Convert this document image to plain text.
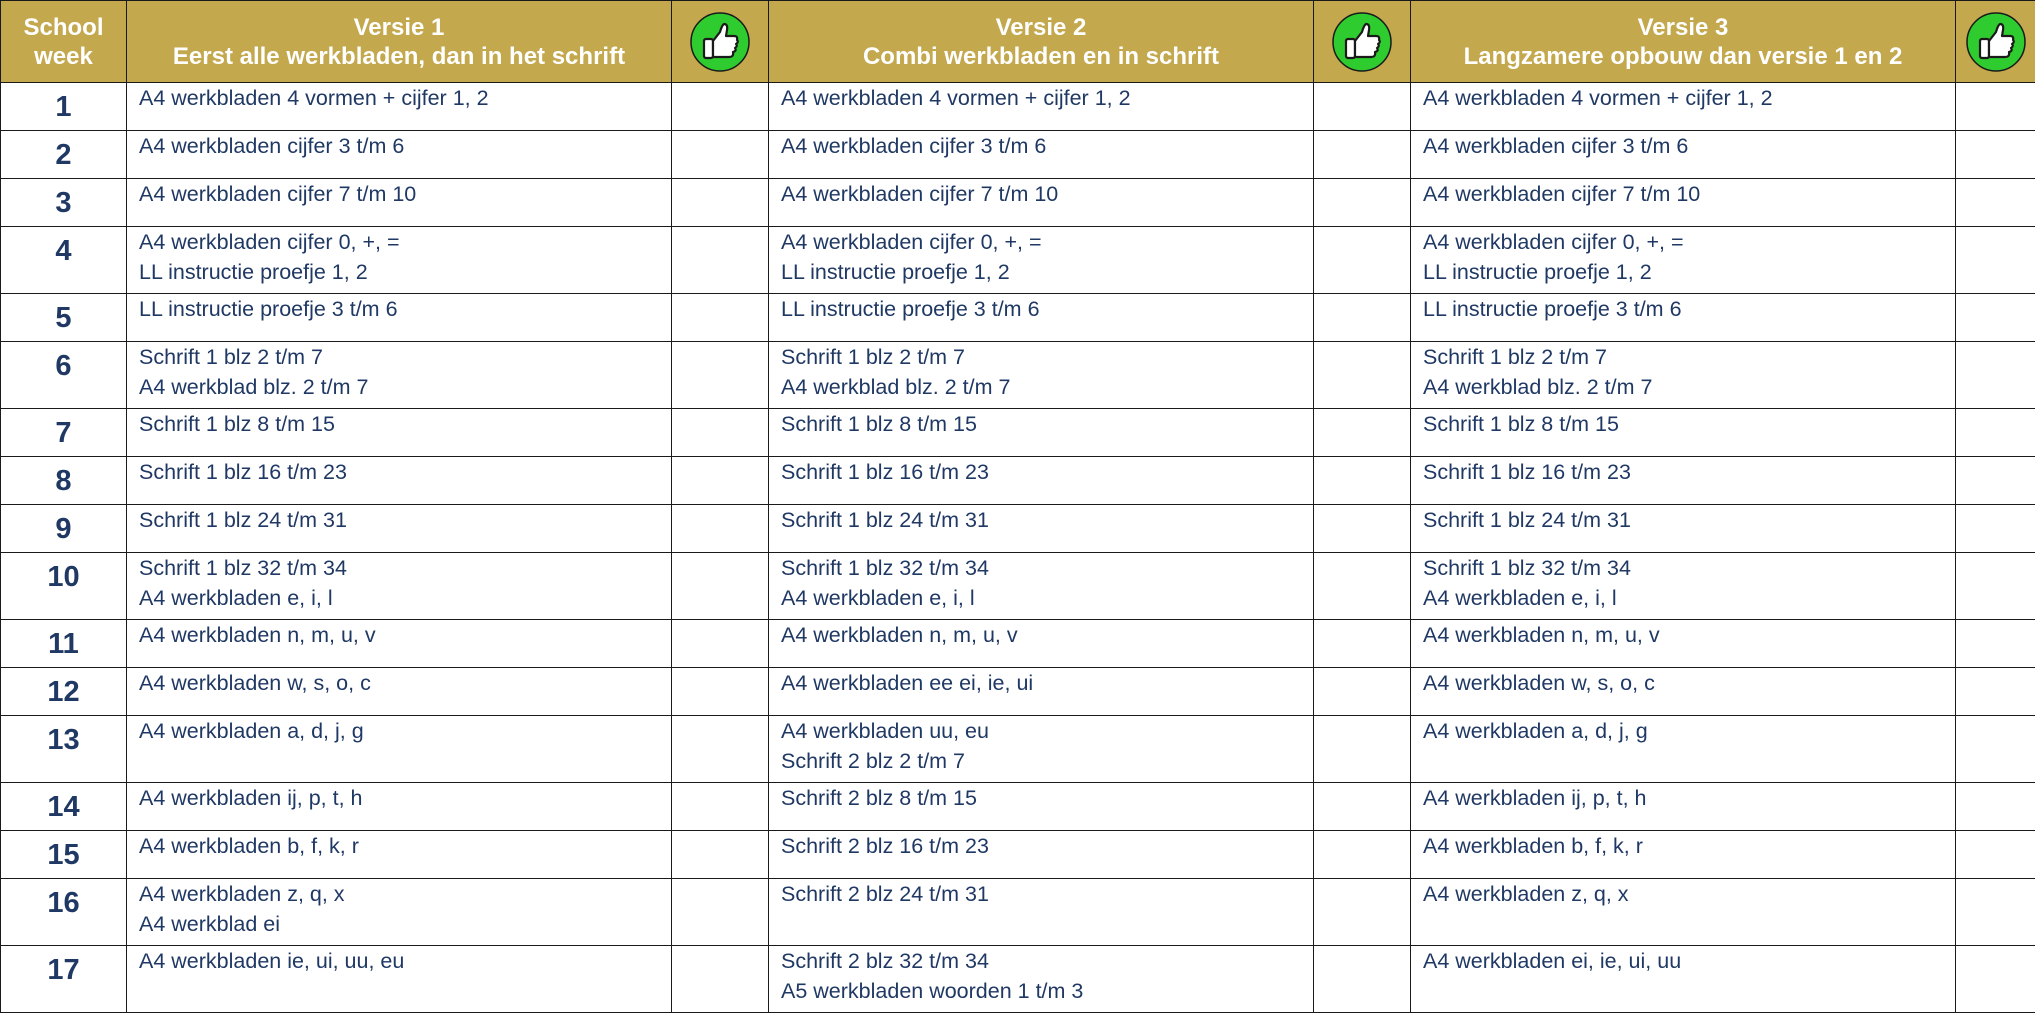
School
week	Versie 1
Eerst alle werkbladen, dan in het schrift		Versie 2
Combi werkbladen en in schrift		Versie 3
Langzamere opbouw dan versie 1 en 2	

1	A4 werkbladen 4 vormen + cijfer 1, 2		A4 werkbladen 4 vormen + cijfer 1, 2		A4 werkbladen 4 vormen + cijfer 1, 2	

2	A4 werkbladen cijfer 3 t/m 6		A4 werkbladen cijfer 3 t/m 6		A4 werkbladen cijfer 3 t/m 6	

3	A4 werkbladen cijfer 7 t/m 10		A4 werkbladen cijfer 7 t/m 10		A4 werkbladen cijfer 7 t/m 10	

4	A4 werkbladen cijfer 0, +, =
LL instructie proefje 1, 2		A4 werkbladen cijfer 0, +, =
LL instructie proefje 1, 2		A4 werkbladen cijfer 0, +, =
LL instructie proefje 1, 2	

5	LL instructie proefje 3 t/m 6		LL instructie proefje 3 t/m 6		LL instructie proefje 3 t/m 6	

6	Schrift 1 blz 2 t/m 7
A4 werkblad blz. 2 t/m 7		Schrift 1 blz 2 t/m 7
A4 werkblad blz. 2 t/m 7		Schrift 1 blz 2 t/m 7
A4 werkblad blz. 2 t/m 7	

7	Schrift 1 blz 8 t/m 15		Schrift 1 blz 8 t/m 15		Schrift 1 blz 8 t/m 15	

8	Schrift 1 blz 16 t/m 23		Schrift 1 blz 16 t/m 23		Schrift 1 blz 16 t/m 23	

9	Schrift 1 blz 24 t/m 31		Schrift 1 blz 24 t/m 31		Schrift 1 blz 24 t/m 31	

10	Schrift 1 blz 32 t/m 34
A4 werkbladen e, i, l		Schrift 1 blz 32 t/m 34
A4 werkbladen e, i, l		Schrift 1 blz 32 t/m 34
A4 werkbladen e, i, l	

11	A4 werkbladen n, m, u, v		A4 werkbladen n, m, u, v		A4 werkbladen n, m, u, v	

12	A4 werkbladen w, s, o, c		A4 werkbladen ee ei, ie, ui		A4 werkbladen w, s, o, c	

13	A4 werkbladen a, d, j, g		A4 werkbladen uu, eu
Schrift 2 blz 2 t/m 7		A4 werkbladen a, d, j, g	

14	A4 werkbladen ij, p, t, h		Schrift 2 blz 8 t/m 15		A4 werkbladen ij, p, t, h	

15	A4 werkbladen b, f, k, r		Schrift 2 blz 16 t/m 23		A4 werkbladen b, f, k, r	

16	A4 werkbladen z, q, x
A4 werkblad ei		Schrift 2 blz 24 t/m 31		A4 werkbladen z, q, x	

17	A4 werkbladen ie, ui, uu, eu		Schrift 2 blz 32 t/m 34
A5 werkbladen woorden 1 t/m 3		A4 werkbladen ei, ie, ui, uu	
